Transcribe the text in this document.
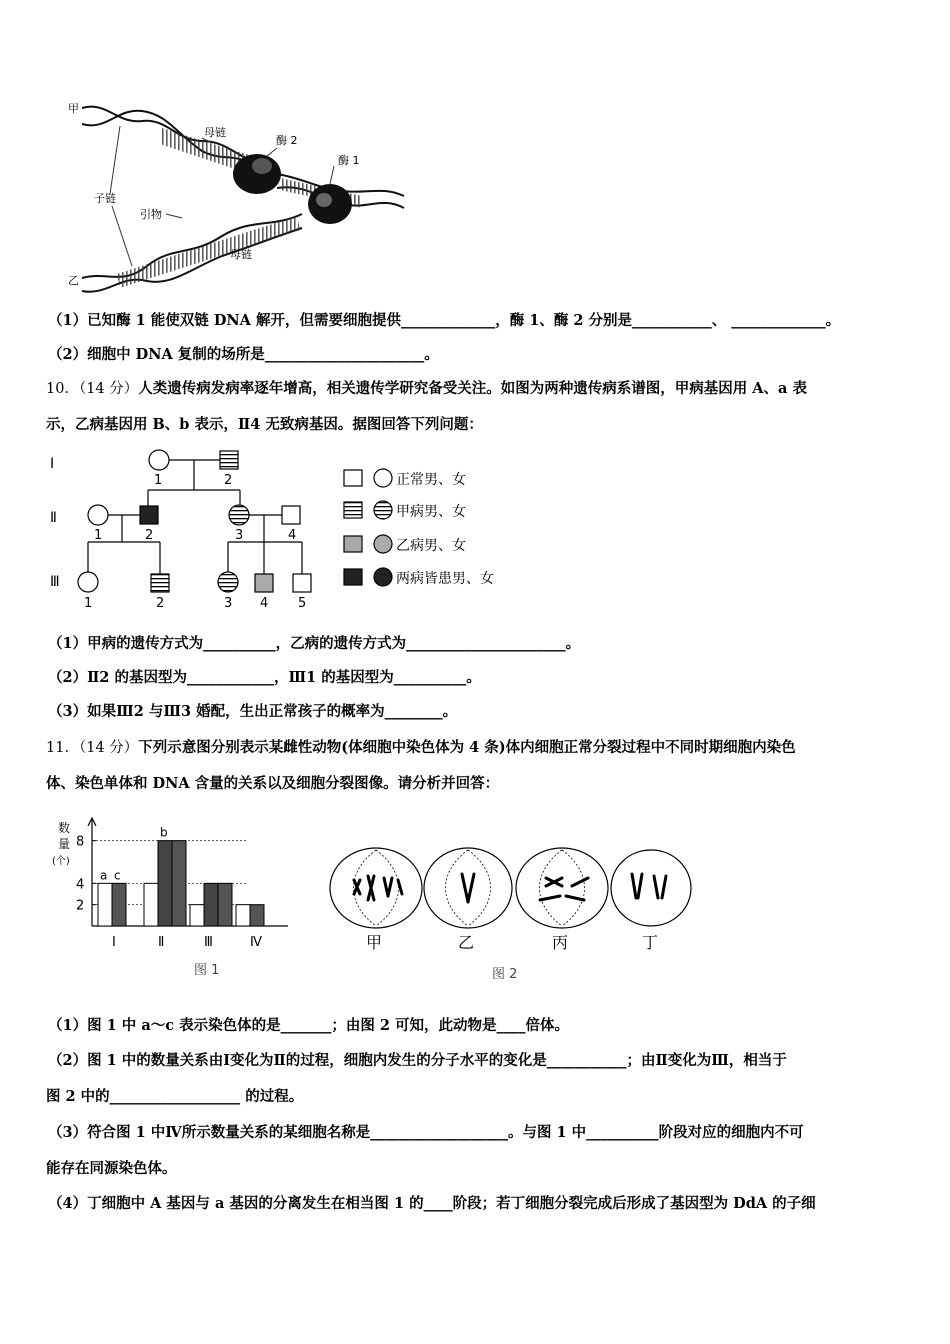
甲
乙
子链
引物
母链
母链
酶 2
酶 1
（1）已知酶 1 能使双链 DNA 解开，但需要细胞提供_____________，酶 1、酶 2 分别是___________、 _____________。
（2）细胞中 DNA 复制的场所是______________________。
10．（14 分）人类遗传病发病率逐年增高，相关遗传学研究备受关注。如图为两种遗传病系谱图，甲病基因用 A、a 表
示，乙病基因用 B、b 表示，Ⅱ4 无致病基因。据图回答下列问题：
Ⅰ
Ⅱ
Ⅲ
1	2
1	2	3	4
1	2	3 4 5
正常男、女
甲病男、女
乙病男、女
两病皆患男、女
（1）甲病的遗传方式为__________，乙病的遗传方式为______________________。
（2）Ⅱ2 的基因型为____________，Ⅲ1 的基因型为__________。
（3）如果Ⅲ2 与Ⅲ3 婚配，生出正常孩子的概率为________。
11．（14 分）下列示意图分别表示某雌性动物(体细胞中染色体为 4 条)体内细胞正常分裂过程中不同时期细胞内染色
体、染色单体和 DNA 含量的关系以及细胞分裂图像。请分析并回答：
数
量
(个)
2
4
8
Ⅰ	Ⅱ	Ⅲ	Ⅳ
a c
b
图 1
甲	乙	丙	丁
图 2
（1）图 1 中 a～c 表示染色体的是_______；由图 2 可知，此动物是____倍体。
（2）图 1 中的数量关系由Ⅰ变化为Ⅱ的过程，细胞内发生的分子水平的变化是___________；由Ⅱ变化为Ⅲ，相当于
图 2 中的__________________ 的过程。
（3）符合图 1 中Ⅳ所示数量关系的某细胞名称是___________________。与图 1 中__________阶段对应的细胞内不可
能存在同源染色体。
（4）丁细胞中 A 基因与 a 基因的分离发生在相当图 1 的____阶段；若丁细胞分裂完成后形成了基因型为 DdA 的子细
